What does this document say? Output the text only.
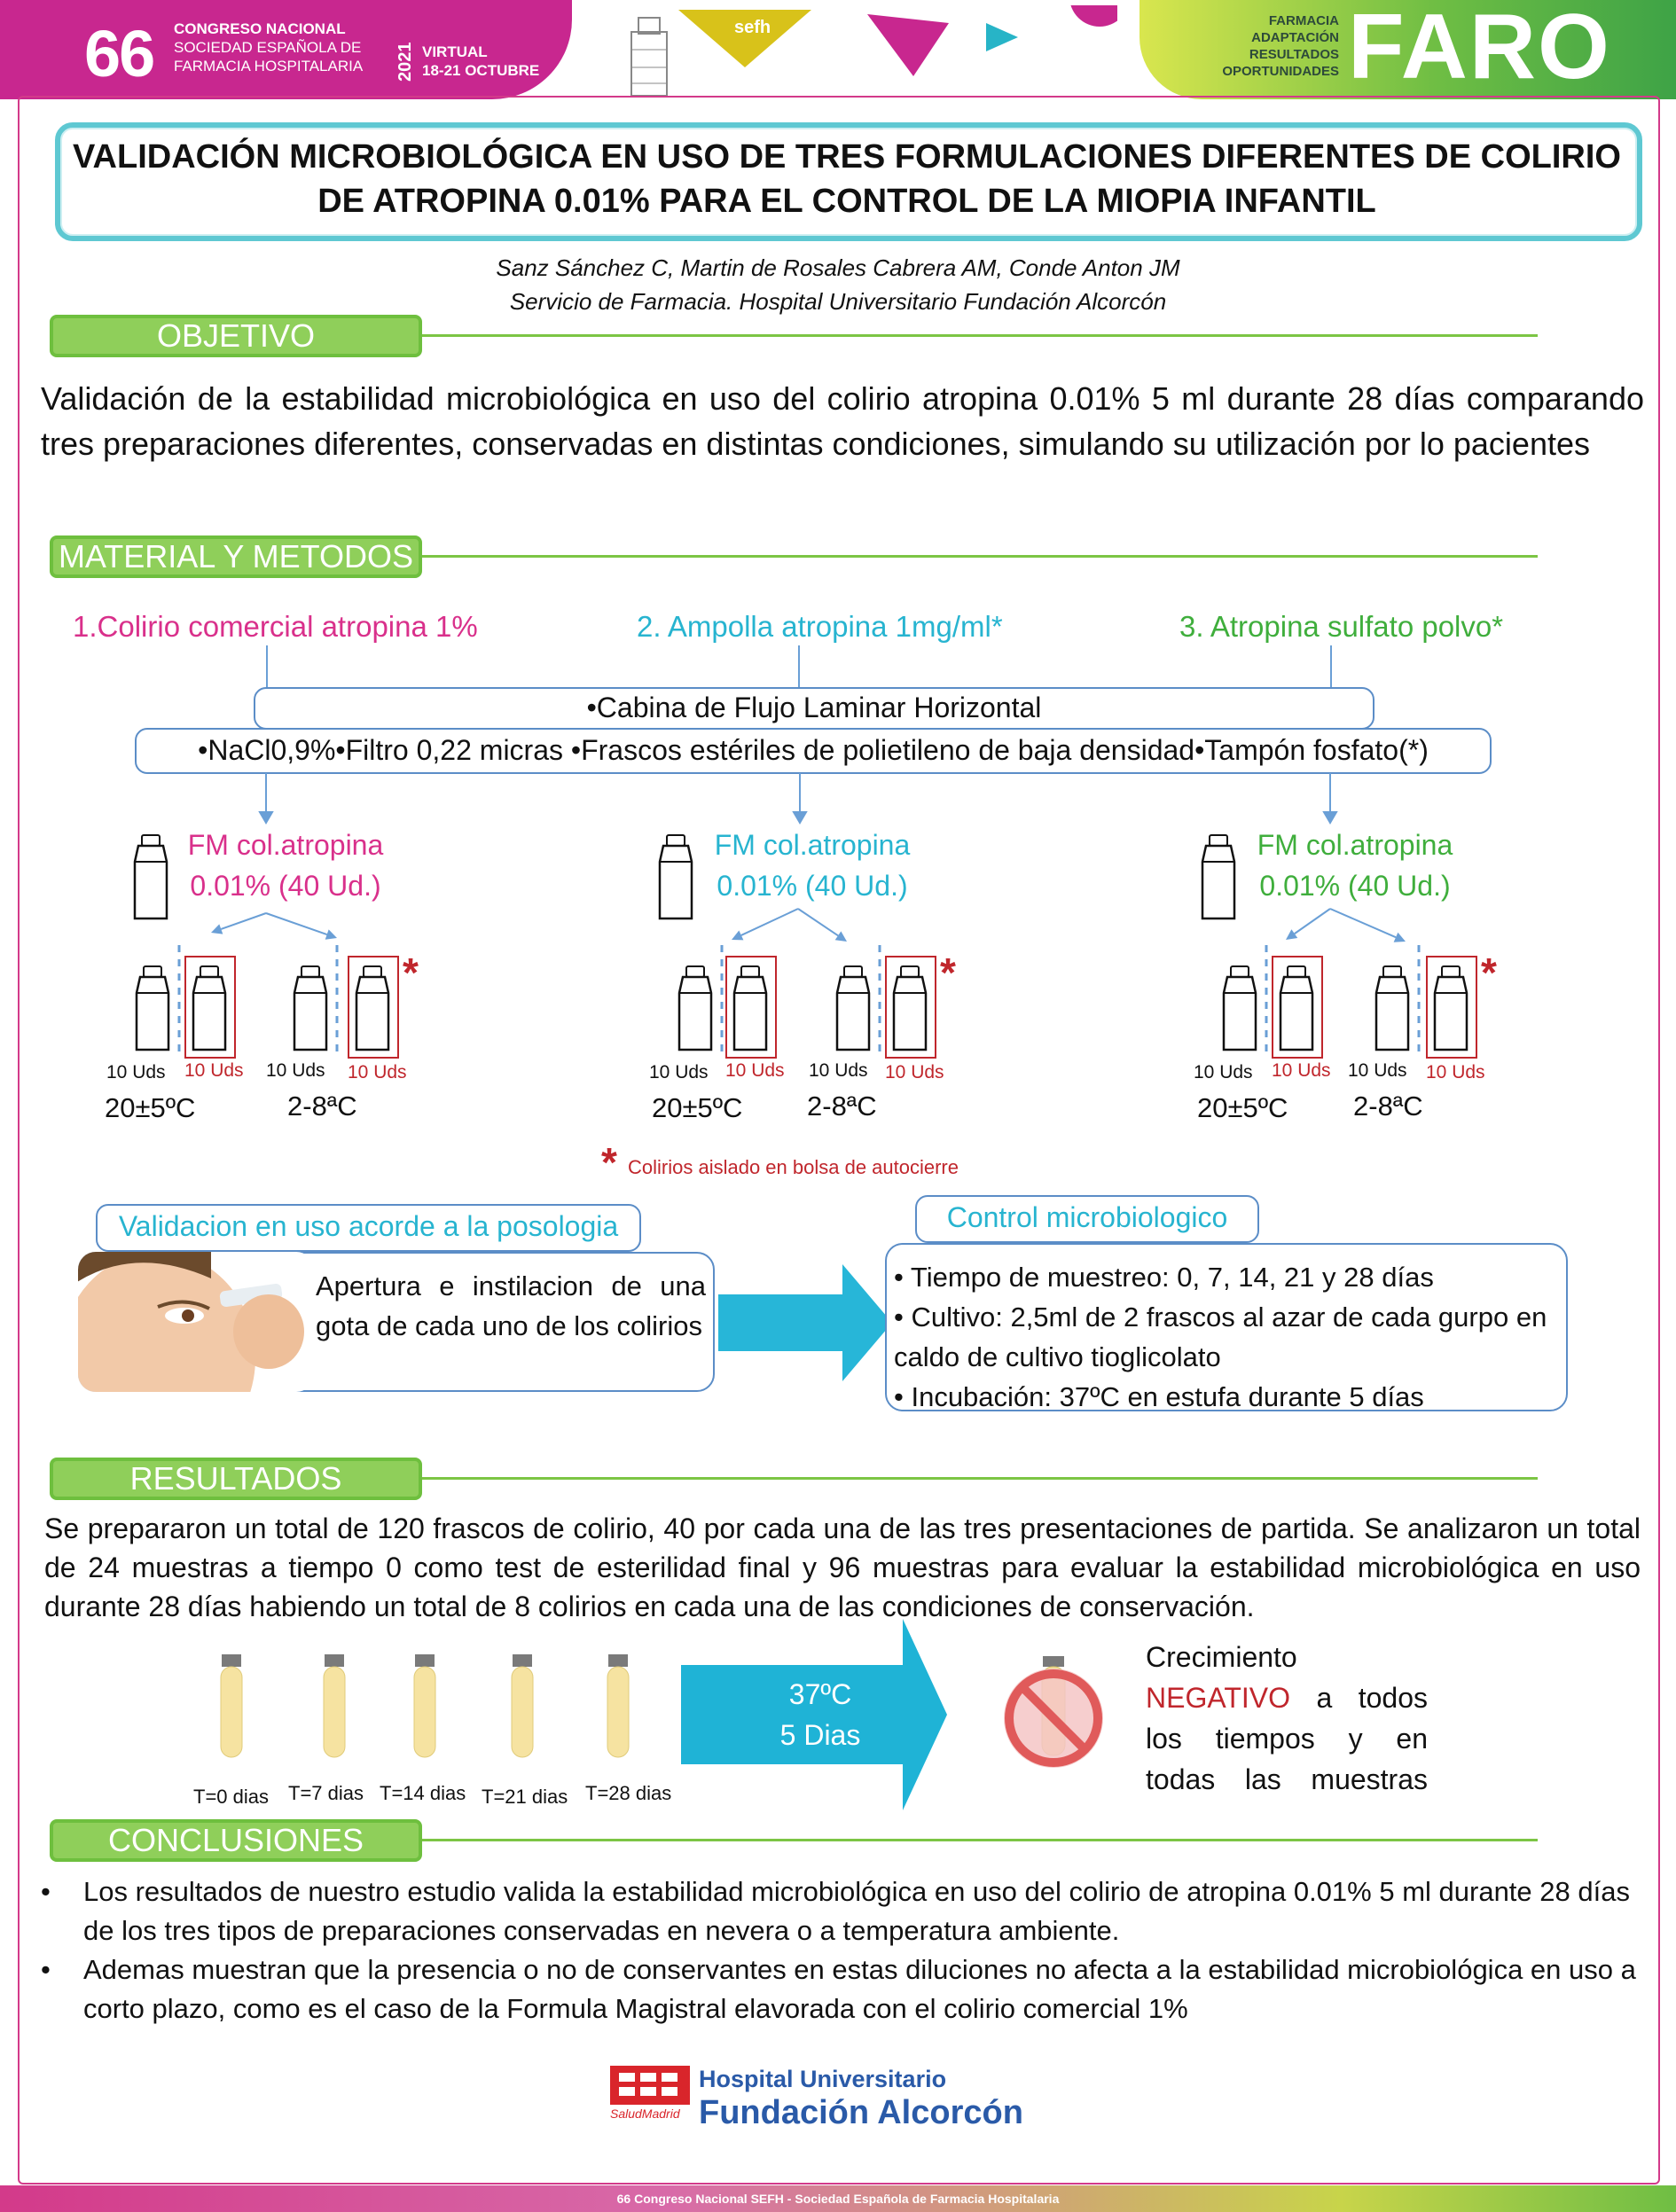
66 CONGRESO NACIONAL
SOCIEDAD ESPAÑOLA DE
FARMACIA HOSPITALARIA 2021 VIRTUAL
18-21 OCTUBRE
sefh	FARMACIA
ADAPTACIÓN
RESULTADOS
OPORTUNIDADES FARO
VALIDACIÓN MICROBIOLÓGICA EN USO DE TRES FORMULACIONES DIFERENTES DE COLIRIO
DE ATROPINA 0.01% PARA EL CONTROL DE LA MIOPIA INFANTIL
Sanz Sánchez C, Martin de Rosales Cabrera AM, Conde Anton JM
Servicio de Farmacia. Hospital Universitario Fundación Alcorcón
OBJETIVO
Validación de la estabilidad microbiológica en uso del colirio atropina 0.01% 5 ml durante 28 días comparando tres preparaciones diferentes, conservadas en distintas condiciones, simulando su utilización por lo pacientes
MATERIAL Y METODOS
1.Colirio comercial atropina 1%	2. Ampolla atropina 1mg/ml*	3. Atropina sulfato polvo*
•Cabina de Flujo Laminar Horizontal
•NaCl0,9%•Filtro 0,22 micras •Frascos estériles de polietileno de baja densidad•Tampón fosfato(*)
FM col.atropina
0.01% (40 Ud.)
*
10 Uds 10 Uds 10 Uds 10 Uds
20±5ºC	2-8ªC
FM col.atropina
0.01% (40 Ud.)
*
10 Uds 10 Uds 10 Uds 10 Uds
20±5ºC 2-8ªC
FM col.atropina
0.01% (40 Ud.)
*
10 Uds 10 Uds 10 Uds 10 Uds
20±5ºC 2-8ªC
* Colirios aislado en bolsa de autocierre
Validacion en uso acorde a la posologia
Apertura e instilacion de una gota de cada uno de los colirios
Control microbiologico
• Tiempo de muestreo: 0, 7, 14, 21 y 28 días
• Cultivo: 2,5ml de 2 frascos al azar de cada gurpo en caldo de cultivo tioglicolato
• Incubación: 37ºC en estufa durante 5 días
RESULTADOS
Se prepararon un total de 120 frascos de colirio, 40 por cada una de las tres presentaciones de partida. Se analizaron un total de 24 muestras a tiempo 0 como test de esterilidad final y 96 muestras para evaluar la estabilidad microbiológica en uso durante 28 días habiendo un total de 8 colirios en cada una de las condiciones de conservación.
T=0 dias T=7 dias T=14 dias T=21 dias T=28 dias
37ºC
5 Dias
Crecimiento
NEGATIVO a todos los tiempos y en todas las muestras
CONCLUSIONES
•	Los resultados de nuestro estudio valida la estabilidad microbiológica en uso del colirio de atropina 0.01% 5 ml durante 28 días de los tres tipos de preparaciones conservadas en nevera o a temperatura ambiente.
•	Ademas muestran que la presencia o no de conservantes en estas diluciones no afecta a la estabilidad microbiológica en uso a corto plazo, como es el caso de la Formula Magistral elavorada con el colirio comercial 1%
SaludMadrid
Hospital Universitario
Fundación Alcorcón
66 Congreso Nacional SEFH - Sociedad Española de Farmacia Hospitalaria
